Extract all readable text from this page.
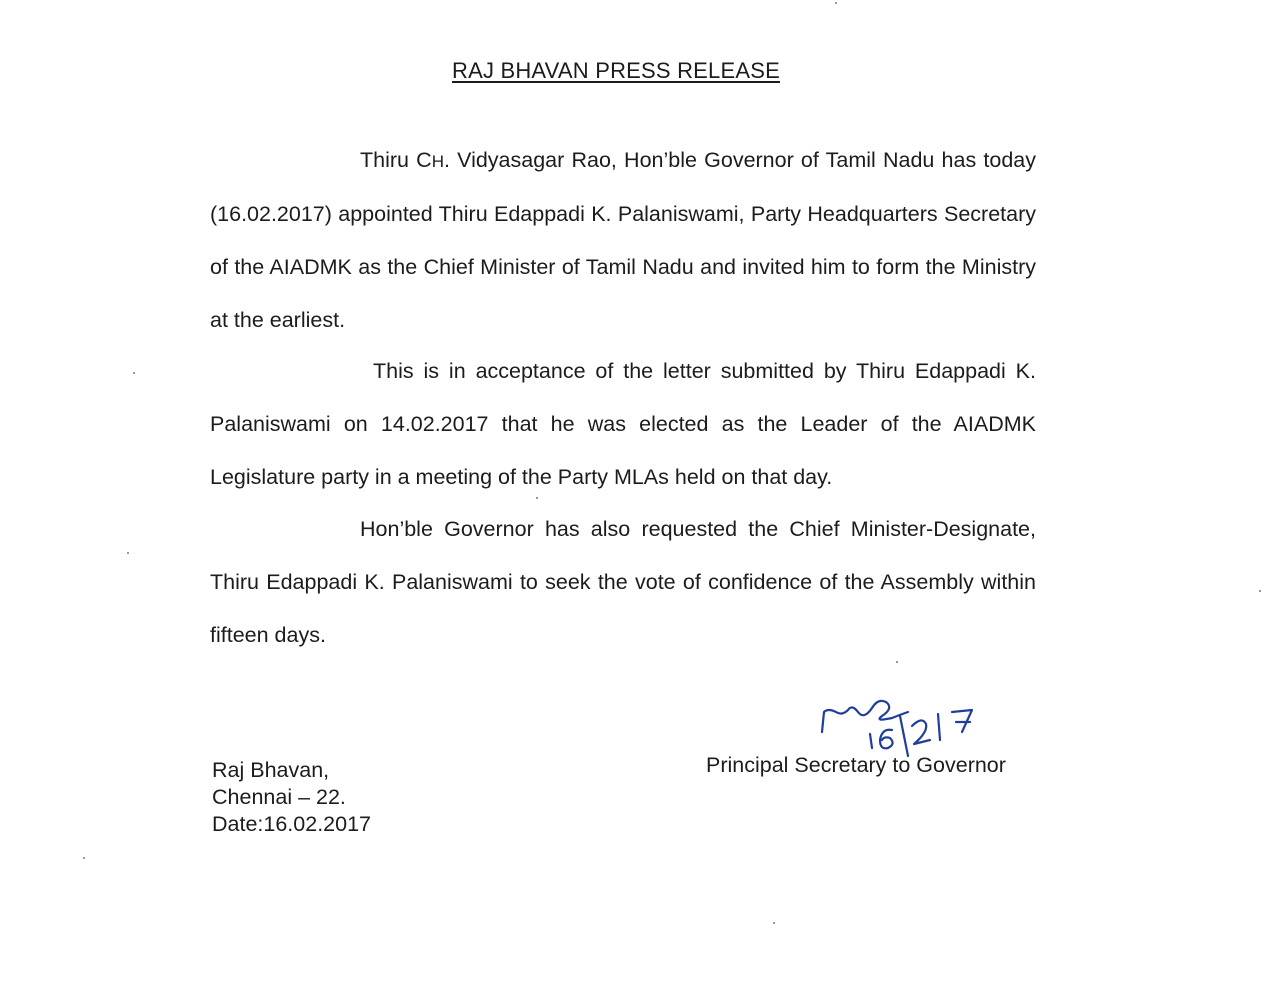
RAJ BHAVAN PRESS RELEASE

Thiru CH. Vidyasagar Rao, Hon’ble Governor of Tamil Nadu has today (16.02.2017) appointed Thiru Edappadi K. Palaniswami, Party Headquarters Secretary of the AIADMK as the Chief Minister of Tamil Nadu and invited him to form the Ministry at the earliest.

This is in acceptance of the letter submitted by Thiru Edappadi K. Palaniswami on 14.02.2017 that he was elected as the Leader of the AIADMK Legislature party in a meeting of the Party MLAs held on that day.

Hon’ble Governor has also requested the Chief Minister-Designate, Thiru Edappadi K. Palaniswami to seek the vote of confidence of the Assembly within fifteen days.

Raj Bhavan,
Chennai – 22.
Date:16.02.2017
Principal Secretary to Governor
